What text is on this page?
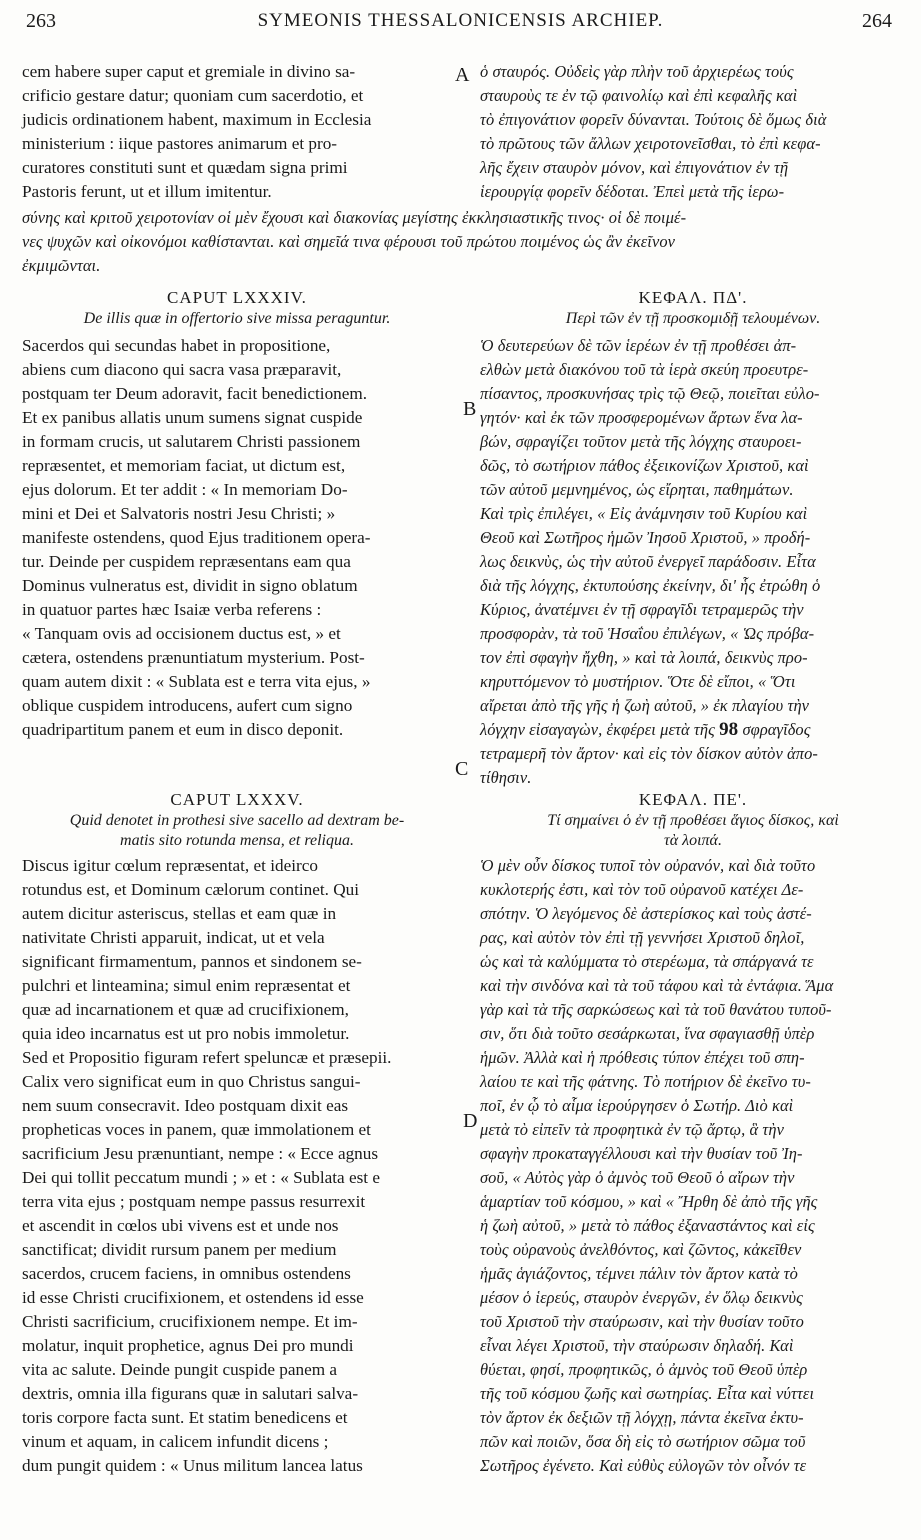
263	SYMEONIS THESSALONICENSIS ARCHIEP.	264
A
B
C
D
cem habere super caput et gremiale in divino sa-
crificio gestare datur; quoniam cum sacerdotio, et
judicis ordinationem habent, maximum in Ecclesia
ministerium : iique pastores animarum et pro-
curatores constituti sunt et quædam signa primi
Pastoris ferunt, ut et illum imitentur.
ὁ σταυρός. Οὐδεὶς γὰρ πλὴν τοῦ ἀρχιερέως τούς
σταυροὺς τε ἐν τῷ φαινολίῳ καὶ ἐπὶ κεφαλῆς καὶ
τὸ ἐπιγονάτιον φορεῖν δύνανται. Τούτοις δὲ ὅμως διὰ
τὸ πρῶτους τῶν ἄλλων χειροτονεῖσθαι, τὸ ἐπὶ κεφα-
λῆς ἔχειν σταυρὸν μόνον, καὶ ἐπιγονάτιον ἐν τῇ
ἱερουργίᾳ φορεῖν δέδοται. Ἐπεὶ μετὰ τῆς ἱερω-
σύνης καὶ κριτοῦ χειροτονίαν οἱ μὲν ἔχουσι καὶ διακονίας μεγίστης ἐκκλησιαστικῆς τινος· οἱ δὲ ποιμέ-
νες ψυχῶν καὶ οἰκονόμοι καθίστανται. καὶ σημεῖά τινα φέρουσι τοῦ πρώτου ποιμένος ὡς ἂν ἐκεῖνον
ἐκμιμῶνται.
CAPUT LXXXIV.
De illis quæ in offertorio sive missa peraguntur.
ΚΕΦΑΛ. ΠΔ'.
Περὶ τῶν ἐν τῇ προσκομιδῇ τελουμένων.
Sacerdos qui secundas habet in propositione,
abiens cum diacono qui sacra vasa præparavit,
postquam ter Deum adoravit, facit benedictionem.
Et ex panibus allatis unum sumens signat cuspide
in formam crucis, ut salutarem Christi passionem
repræsentet, et memoriam faciat, ut dictum est,
ejus dolorum. Et ter addit : « In memoriam Do-
mini et Dei et Salvatoris nostri Jesu Christi; »
manifeste ostendens, quod Ejus traditionem opera-
tur. Deinde per cuspidem repræsentans eam qua
Dominus vulneratus est, dividit in signo oblatum
in quatuor partes hæc Isaiæ verba referens :
« Tanquam ovis ad occisionem ductus est, » et
cætera, ostendens prænuntiatum mysterium. Post-
quam autem dixit : « Sublata est e terra vita ejus, »
oblique cuspidem introducens, aufert cum signo
quadripartitum panem et eum in disco deponit.
Ὁ δευτερεύων δὲ τῶν ἱερέων ἐν τῇ προθέσει ἀπ-
ελθὼν μετὰ διακόνου τοῦ τὰ ἱερὰ σκεύη προευτρε-
πίσαντος, προσκυνήσας τρὶς τῷ Θεῷ, ποιεῖται εὐλο-
γητόν· καὶ ἐκ τῶν προσφερομένων ἄρτων ἕνα λα-
βών, σφραγίζει τοῦτον μετὰ τῆς λόγχης σταυροει-
δῶς, τὸ σωτήριον πάθος ἐξεικονίζων Χριστοῦ, καὶ
τῶν αὐτοῦ μεμνημένος, ὡς εἴρηται, παθημάτων.
Καὶ τρὶς ἐπιλέγει, « Εἰς ἀνάμνησιν τοῦ Κυρίου καὶ
Θεοῦ καὶ Σωτῆρος ἡμῶν Ἰησοῦ Χριστοῦ, » προδή-
λως δεικνὺς, ὡς τὴν αὐτοῦ ἐνεργεῖ παράδοσιν. Εἶτα
διὰ τῆς λόγχης, ἐκτυπούσης ἐκείνην, δι' ἧς ἐτρώθη ὁ
Κύριος, ἀνατέμνει ἐν τῇ σφραγῖδι τετραμερῶς τὴν
προσφορὰν, τὰ τοῦ Ἡσαΐου ἐπιλέγων, « Ὡς πρόβα-
τον ἐπὶ σφαγὴν ἤχθη, » καὶ τὰ λοιπά, δεικνὺς προ-
κηρυττόμενον τὸ μυστήριον. Ὅτε δὲ εἴποι, « Ὅτι
αἴρεται ἀπὸ τῆς γῆς ἡ ζωὴ αὐτοῦ, » ἐκ πλαγίου τὴν
λόγχην εἰσαγαγὼν, ἐκφέρει μετὰ τῆς 98 σφραγῖδος
τετραμερῆ τὸν ἄρτον· καὶ εἰς τὸν δίσκον αὐτὸν ἀπο-
τίθησιν.
CAPUT LXXXV.
Quid denotet in prothesi sive sacello ad dextram be-
matis sito rotunda mensa, et reliqua.
ΚΕΦΑΛ. ΠΕ'.
Τί σημαίνει ὁ ἐν τῇ προθέσει ἅγιος δίσκος, καὶ
τὰ λοιπά.
Discus igitur cœlum repræsentat, et ideirco
rotundus est, et Dominum cælorum continet. Qui
autem dicitur asteriscus, stellas et eam quæ in
nativitate Christi apparuit, indicat, ut et vela
significant firmamentum, pannos et sindonem se-
pulchri et linteamina; simul enim repræsentat et
quæ ad incarnationem et quæ ad crucifixionem,
quia ideo incarnatus est ut pro nobis immoletur.
Sed et Propositio figuram refert speluncæ et præsepii.
Calix vero significat eum in quo Christus sangui-
nem suum consecravit. Ideo postquam dixit eas
propheticas voces in panem, quæ immolationem et
sacrificium Jesu prænuntiant, nempe : « Ecce agnus
Dei qui tollit peccatum mundi ; » et : « Sublata est e
terra vita ejus ; postquam nempe passus resurrexit
et ascendit in cœlos ubi vivens est et unde nos
sanctificat; dividit rursum panem per medium
sacerdos, crucem faciens, in omnibus ostendens
id esse Christi crucifixionem, et ostendens id esse
Christi sacrificium, crucifixionem nempe. Et im-
molatur, inquit prophetice, agnus Dei pro mundi
vita ac salute. Deinde pungit cuspide panem a
dextris, omnia illa figurans quæ in salutari salva-
toris corpore facta sunt. Et statim benedicens et
vinum et aquam, in calicem infundit dicens ;
dum pungit quidem : « Unus militum lancea latus
Ὁ μὲν οὖν δίσκος τυποῖ τὸν οὐρανόν, καὶ διὰ τοῦτο
κυκλοτερής ἐστι, καὶ τὸν τοῦ οὐρανοῦ κατέχει Δε-
σπότην. Ὁ λεγόμενος δὲ ἀστερίσκος καὶ τοὺς ἀστέ-
ρας, καὶ αὐτὸν τὸν ἐπὶ τῇ γεννήσει Χριστοῦ δηλοῖ,
ὡς καὶ τὰ καλύμματα τὸ στερέωμα, τὰ σπάργανά τε
καὶ τὴν σινδόνα καὶ τὰ τοῦ τάφου καὶ τὰ ἐντάφια. Ἅμα
γὰρ καὶ τὰ τῆς σαρκώσεως καὶ τὰ τοῦ θανάτου τυποῦ-
σιν, ὅτι διὰ τοῦτο σεσάρκωται, ἵνα σφαγιασθῇ ὑπὲρ
ἡμῶν. Ἀλλὰ καὶ ἡ πρόθεσις τύπον ἐπέχει τοῦ σπη-
λαίου τε καὶ τῆς φάτνης. Τὸ ποτήριον δὲ ἐκεῖνο τυ-
ποῖ, ἐν ᾧ τὸ αἷμα ἱερούργησεν ὁ Σωτήρ. Διὸ καὶ
μετὰ τὸ εἰπεῖν τὰ προφητικὰ ἐν τῷ ἄρτῳ, ἃ τὴν
σφαγὴν προκαταγγέλλουσι καὶ τὴν θυσίαν τοῦ Ἰη-
σοῦ, « Αὐτὸς γὰρ ὁ ἀμνὸς τοῦ Θεοῦ ὁ αἴρων τὴν
ἁμαρτίαν τοῦ κόσμου, » καὶ « Ἤρθη δὲ ἀπὸ τῆς γῆς
ἡ ζωὴ αὐτοῦ, » μετὰ τὸ πάθος ἐξαναστάντος καὶ εἰς
τοὺς οὐρανοὺς ἀνελθόντος, καὶ ζῶντος, κἀκεῖθεν
ἡμᾶς ἁγιάζοντος, τέμνει πάλιν τὸν ἄρτον κατὰ τὸ
μέσον ὁ ἱερεύς, σταυρὸν ἐνεργῶν, ἐν ὅλῳ δεικνὺς
τοῦ Χριστοῦ τὴν σταύρωσιν, καὶ τὴν θυσίαν τοῦτο
εἶναι λέγει Χριστοῦ, τὴν σταύρωσιν δηλαδή. Καὶ
θύεται, φησί, προφητικῶς, ὁ ἀμνὸς τοῦ Θεοῦ ὑπὲρ
τῆς τοῦ κόσμου ζωῆς καὶ σωτηρίας. Εἶτα καὶ νύττει
τὸν ἄρτον ἐκ δεξιῶν τῇ λόγχῃ, πάντα ἐκεῖνα ἐκτυ-
πῶν καὶ ποιῶν, ὅσα δὴ εἰς τὸ σωτήριον σῶμα τοῦ
Σωτῆρος ἐγένετο. Καὶ εὐθὺς εὐλογῶν τὸν οἶνόν τε
